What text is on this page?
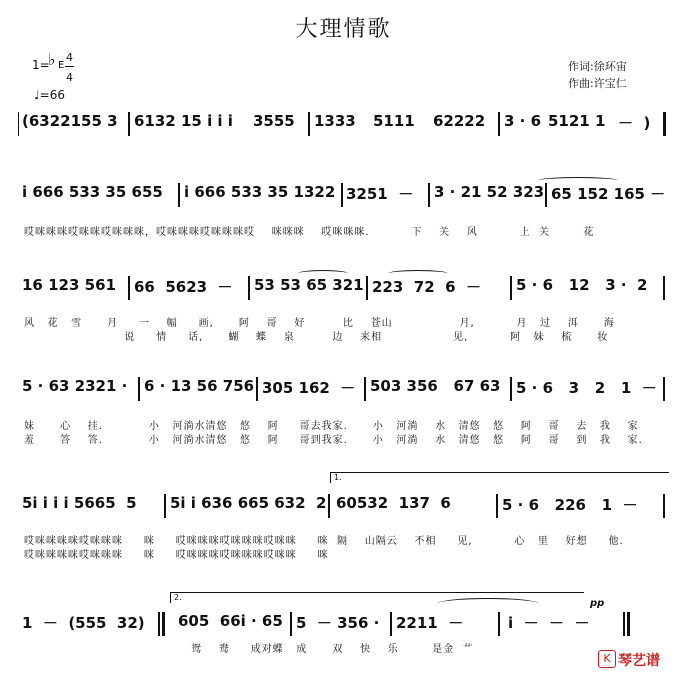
大理情歌
1=
♭ E
4
4
♩=66
作词:徐环宙
作曲:许宝仁
(6322155 3 6132 15 i i i 3555 1333 5111 62222 3 · 6 5121 1 －  )
i 666 533 35 655 i 666 533 35 1322 3251  － 3 · 21 52 323 65 152 165 －
哎咪咪咪哎咪咪哎咪咪咪，哎咪咪咪哎咪咪咪哎    咪咪咪    哎咪咪咪.          下    关    风          上  关        花
16 123 561 66  5623  － 53 53 65 321 223  72  6  － 5 · 6   12   3 ·  2
风   花   雪      月     一    幅     画,      阿    哥    好         比    苍山                月,          月   过    洱      海
说     情     话,      蝴    蝶    泉         边    来相                 见,          阿   妹    梳      妆
5 · 63 2321 · 6 · 13 56 756 305 162  － 503 356   67 63 5 · 6   3   2   1  －
妹      心    挂.           小   河淌水清悠   悠    阿     哥去我家.      小   河淌    水   清悠   悠    阿    哥    去   我    家
羞      答    答.           小   河淌水清悠   悠    阿     哥到我家.      小   河淌    水   清悠   悠    阿    哥    到   我    家.
1.
5i i i i 5665  5 5i i 636 665 632  2 60532  137  6	5 · 6   226   1  －
哎咪咪咪咪哎咪咪咪     咪     哎咪咪咪哎咪咪咪哎咪咪     咪  隔    山隔云    不相     见,          心   里    好想     他.
哎咪咪咪咪哎咪咪咪     咪     哎咪咪咪哎咪咪咪哎咪咪     咪
2.
pp
1  －  (555  32) 605  66i · 65 5  － 356 · 2211  －	i  －  －  －
鸳    鸯     成对蝶   成      双    快    乐        是金  艹
K 琴艺谱
